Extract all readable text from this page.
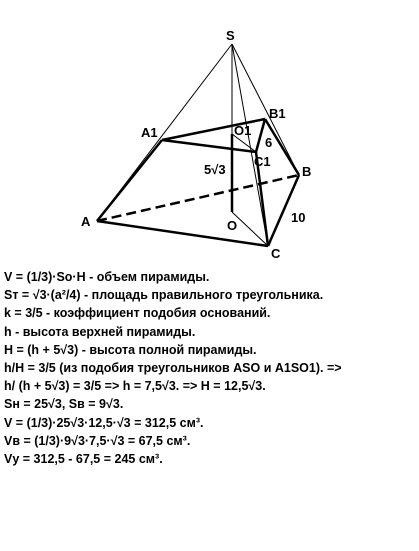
S
A1	O1
B1
C1
B
A	O
C
6
5√3
10
V = (1/3)·So·H - объем пирамиды.
Sт = √3·(a²/4) - площадь правильного треугольника.
k = 3/5 - коэффициент подобия оснований.
h - высота верхней пирамиды.
H = (h + 5√3) - высота полной пирамиды.
h/H = 3/5 (из подобия треугольников ASO и A1SO1). =>
h/ (h + 5√3) = 3/5 => h = 7,5√3. => H = 12,5√3.
Sн = 25√3, Sв = 9√3.
V = (1/3)·25√3·12,5·√3 = 312,5 см³.
Vв = (1/3)·9√3·7,5·√3 = 67,5 см³.
Vу = 312,5 - 67,5 = 245 см³.
